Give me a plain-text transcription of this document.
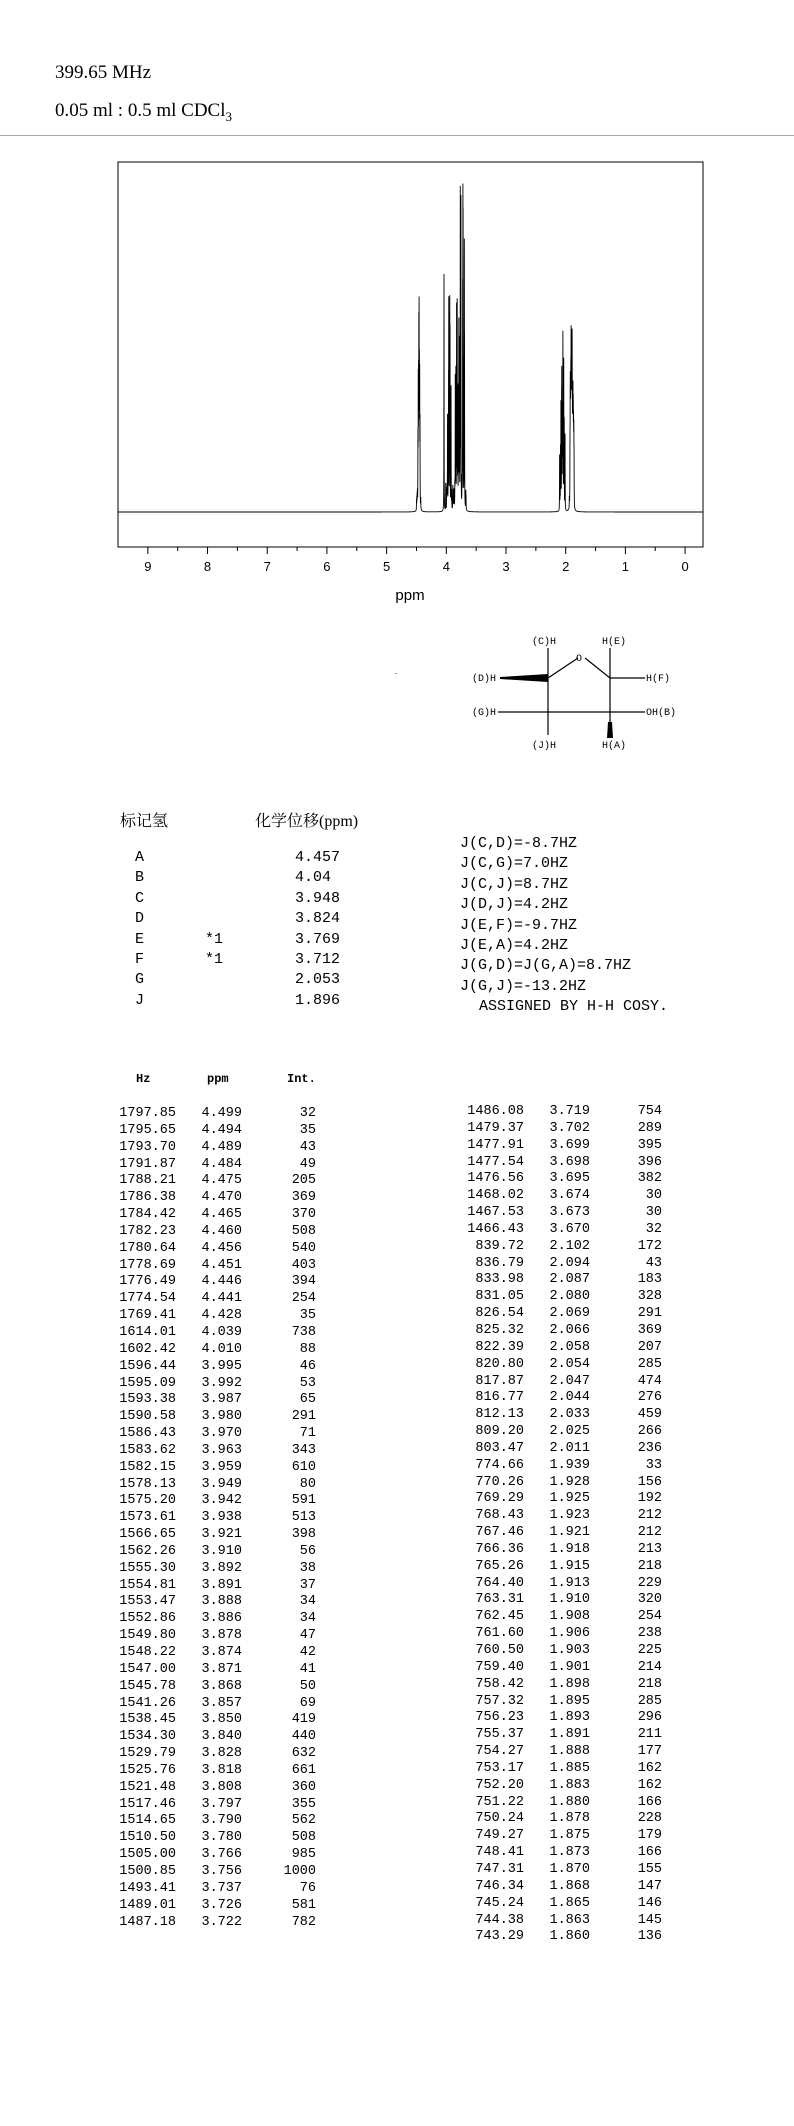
399.65 MHz
0.05 ml : 0.5 ml CDCl$_3$
9	8	7	6	5	4	3	2	1	0
ppm
(C)H	H(E)
(D)H
O
H(F)
(G)H	OH(B)
(J)H	H(A)
标记氢	化学位移(ppm)
A	4.457
B	4.04
C	3.948
D	3.824
E	*1	3.769
F	*1	3.712
G	2.053
J	1.896
J(C,D)=-8.7HZ
J(C,G)=7.0HZ
J(C,J)=8.7HZ
J(D,J)=4.2HZ
J(E,F)=-9.7HZ
J(E,A)=4.2HZ
J(G,D)=J(G,A)=8.7HZ
J(G,J)=-13.2HZ
ASSIGNED BY H-H COSY.
Hz	ppm	Int.
1797.85 4.499	32
1795.65 4.494	35
1793.70 4.489	43
1791.87 4.484	49
1788.21 4.475	205
1786.38 4.470	369
1784.42 4.465	370
1782.23 4.460	508
1780.64 4.456	540
1778.69 4.451	403
1776.49 4.446	394
1774.54 4.441	254
1769.41 4.428	35
1614.01 4.039	738
1602.42 4.010	88
1596.44 3.995	46
1595.09 3.992	53
1593.38 3.987	65
1590.58 3.980	291
1586.43 3.970	71
1583.62 3.963	343
1582.15 3.959	610
1578.13 3.949	80
1575.20 3.942	591
1573.61 3.938	513
1566.65 3.921	398
1562.26 3.910	56
1555.30 3.892	38
1554.81 3.891	37
1553.47 3.888	34
1552.86 3.886	34
1549.80 3.878	47
1548.22 3.874	42
1547.00 3.871	41
1545.78 3.868	50
1541.26 3.857	69
1538.45 3.850	419
1534.30 3.840	440
1529.79 3.828	632
1525.76 3.818	661
1521.48 3.808	360
1517.46 3.797	355
1514.65 3.790	562
1510.50 3.780	508
1505.00 3.766	985
1500.85 3.756	1000
1493.41 3.737	76
1489.01 3.726	581
1487.18 3.722	782
1486.08 3.719	754
1479.37 3.702	289
1477.91 3.699	395
1477.54 3.698	396
1476.56 3.695	382
1468.02 3.674	30
1467.53 3.673	30
1466.43 3.670	32
839.72 2.102	172
836.79 2.094	43
833.98 2.087	183
831.05 2.080	328
826.54 2.069	291
825.32 2.066	369
822.39 2.058	207
820.80 2.054	285
817.87 2.047	474
816.77 2.044	276
812.13 2.033	459
809.20 2.025	266
803.47 2.011	236
774.66 1.939	33
770.26 1.928	156
769.29 1.925	192
768.43 1.923	212
767.46 1.921	212
766.36 1.918	213
765.26 1.915	218
764.40 1.913	229
763.31 1.910	320
762.45 1.908	254
761.60 1.906	238
760.50 1.903	225
759.40 1.901	214
758.42 1.898	218
757.32 1.895	285
756.23 1.893	296
755.37 1.891	211
754.27 1.888	177
753.17 1.885	162
752.20 1.883	162
751.22 1.880	166
750.24 1.878	228
749.27 1.875	179
748.41 1.873	166
747.31 1.870	155
746.34 1.868	147
745.24 1.865	146
744.38 1.863	145
743.29 1.860	136
